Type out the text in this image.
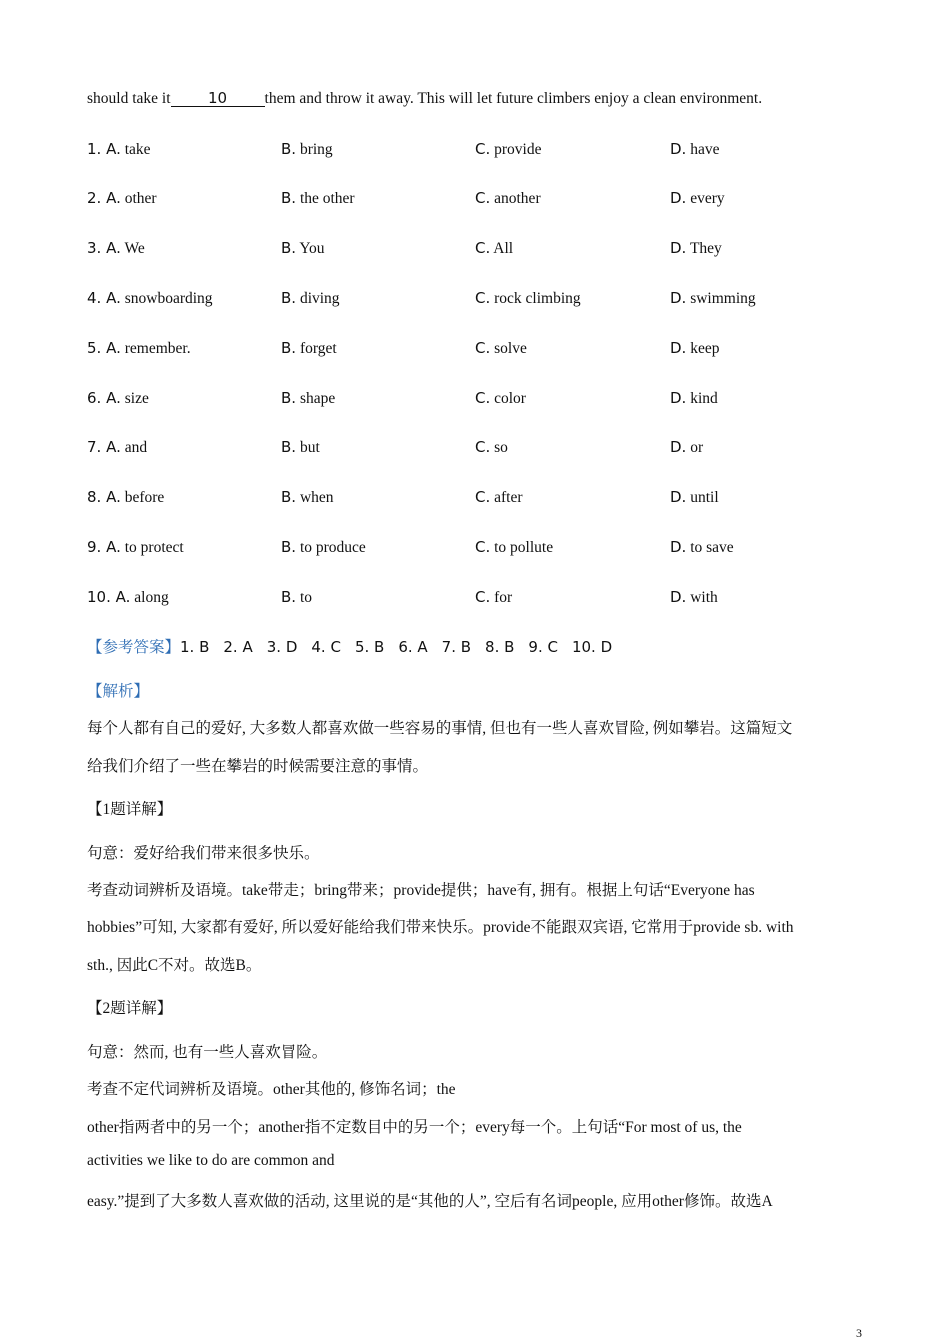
should take it 10 them and throw it away. This will let future climbers enjoy a clean environment.
1. A. take	B. bring	C. provide	D. have
2. A. other	B. the other	C. another	D. every
3. A. We	B. You	C. All	D. They
4. A. snowboarding	B. diving	C. rock climbing	D. swimming
5. A. remember.	B. forget	C. solve	D. keep
6. A. size	B. shape	C. color	D. kind
7. A. and	B. but	C. so	D. or
8. A. before	B. when	C. after	D. until
9. A. to protect	B. to produce	C. to pollute	D. to save
10. A. along	B. to	C. for	D. with
【参考答案】1. B 2. A 3. D 4. C 5. B 6. A 7. B 8. B 9. C 10. D
【解析】
每个人都有自己的爱好, 大多数人都喜欢做一些容易的事情, 但也有一些人喜欢冒险, 例如攀岩。这篇短文
给我们介绍了一些在攀岩的时候需要注意的事情。
【1题详解】
句意：爱好给我们带来很多快乐。
考查动词辨析及语境。take带走；bring带来；provide提供；have有, 拥有。根据上句话“Everyone has
hobbies”可知, 大家都有爱好, 所以爱好能给我们带来快乐。provide不能跟双宾语, 它常用于provide sb. with
sth., 因此C不对。故选B。
【2题详解】
句意：然而, 也有一些人喜欢冒险。
考查不定代词辨析及语境。other其他的, 修饰名词；the
other指两者中的另一个；another指不定数目中的另一个；every每一个。上句话“For most of us, the
activities we like to do are common and
easy.”提到了大多数人喜欢做的活动, 这里说的是“其他的人”, 空后有名词people, 应用other修饰。故选A
3
